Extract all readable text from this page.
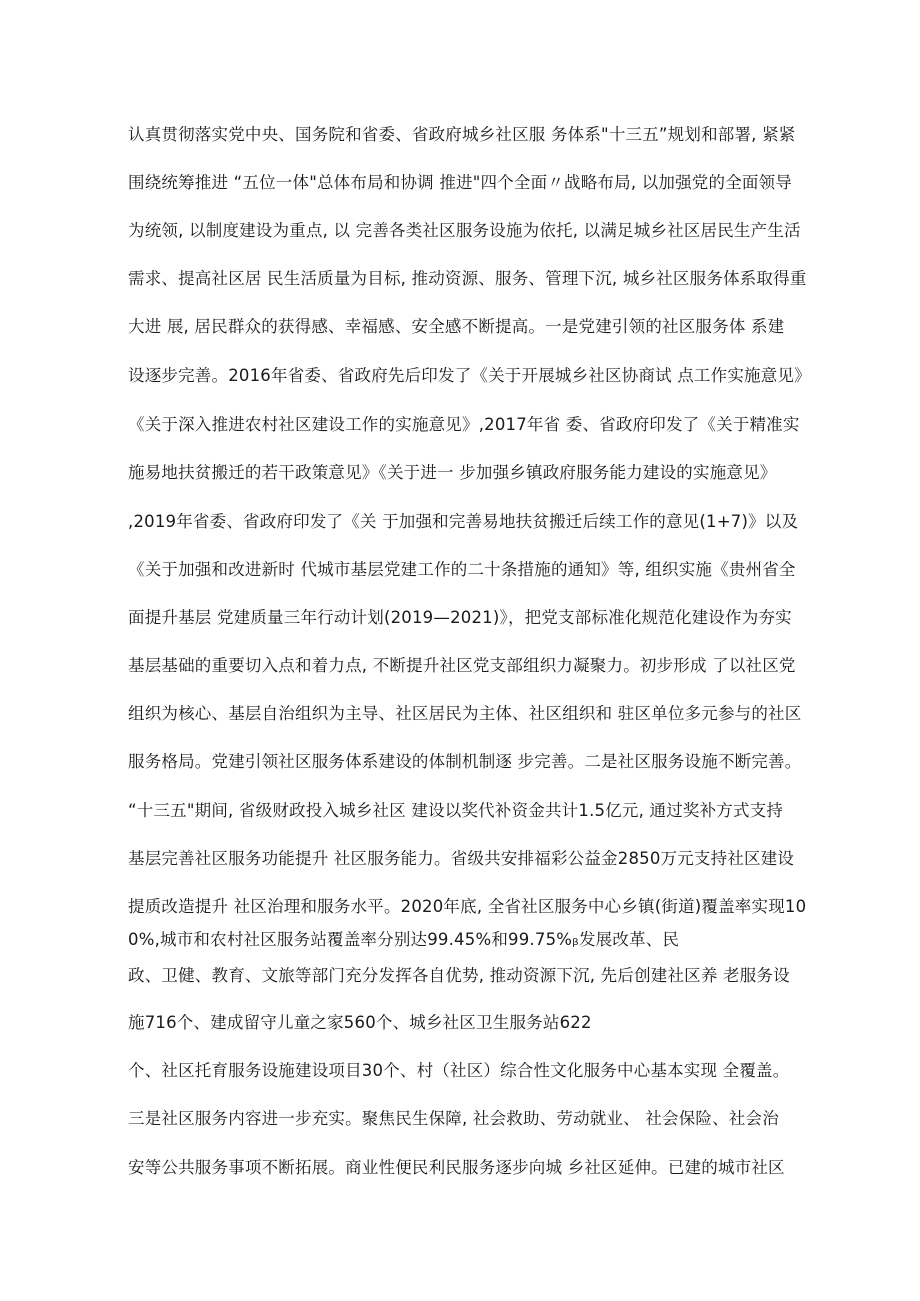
认真贯彻落实党中央、国务院和省委、省政府城乡社区服 务体系"十三五”规划和部署, 紧紧
围绕统筹推进 “五位一体"总体布局和协调 推进"四个全面〃战略布局, 以加强党的全面领导
为统领, 以制度建设为重点, 以 完善各类社区服务设施为依托, 以满足城乡社区居民生产生活
需求、提高社区居 民生活质量为目标, 推动资源、服务、管理下沉, 城乡社区服务体系取得重
大进 展, 居民群众的获得感、幸福感、安全感不断提高。一是党建引领的社区服务体 系建
设逐步完善。2016年省委、省政府先后印发了《关于开展城乡社区协商试 点工作实施意见》
《关于深入推进农村社区建设工作的实施意见》,2017年省 委、省政府印发了《关于精准实
施易地扶贫搬迁的若干政策意见》《关于进一 步加强乡镇政府服务能力建设的实施意见》
,2019年省委、省政府印发了《关 于加强和完善易地扶贫搬迁后续工作的意见(1+7)》以及
《关于加强和改进新时 代城市基层党建工作的二十条措施的通知》等, 组织实施《贵州省全
面提升基层 党建质量三年行动计划(2019—2021)》，把党支部标准化规范化建设作为夯实
基层基础的重要切入点和着力点, 不断提升社区党支部组织力凝聚力。初步形成 了以社区党
组织为核心、基层自治组织为主导、社区居民为主体、社区组织和 驻区单位多元参与的社区
服务格局。党建引领社区服务体系建设的体制机制逐 步完善。二是社区服务设施不断完善。
“十三五"期间, 省级财政投入城乡社区 建设以奖代补资金共计1.5亿元, 通过奖补方式支持
基层完善社区服务功能提升 社区服务能力。省级共安排福彩公益金2850万元支持社区建设
提质改造提升 社区治理和服务水平。2020年底, 全省社区服务中心乡镇(街道)覆盖率实现10
0%,城市和农村社区服务站覆盖率分别达99.45%和99.75%ᵦ发展改革、民
政、卫健、教育、文旅等部门充分发挥各自优势, 推动资源下沉, 先后创建社区养 老服务设
施716个、建成留守儿童之家560个、城乡社区卫生服务站622
个、社区托育服务设施建设项目30个、村（社区）综合性文化服务中心基本实现 全覆盖。
三是社区服务内容进一步充实。聚焦民生保障, 社会救助、劳动就业、 社会保险、社会治
安等公共服务事项不断拓展。商业性便民利民服务逐步向城 乡社区延伸。已建的城市社区
